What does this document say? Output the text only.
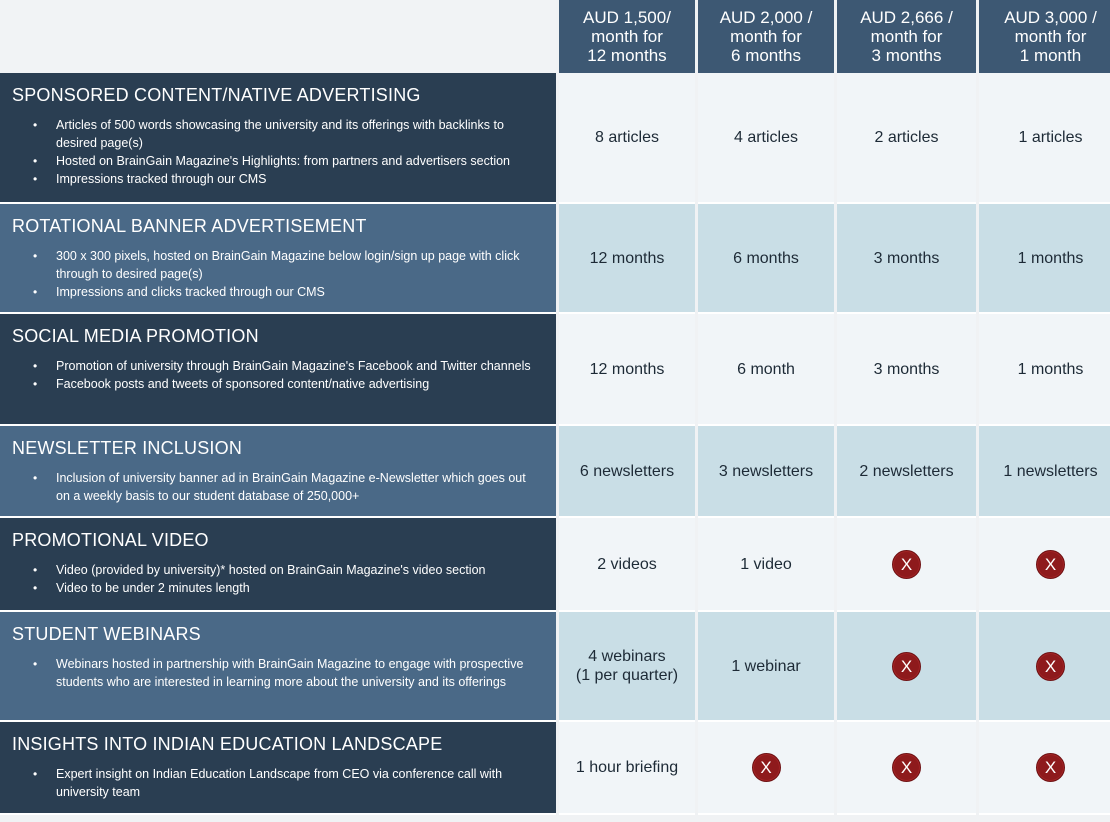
AUD 1,500/
month for
12 months
AUD 2,000 /
month for
6 months
AUD 2,666 /
month for
3 months
AUD 3,000 /
month for
1 month
SPONSORED CONTENT/NATIVE ADVERTISING
• Articles of 500 words showcasing the university and its offerings with backlinks to desired page(s)
• Hosted on BrainGain Magazine's Highlights: from partners and advertisers section
• Impressions tracked through our CMS
8 articles	4 articles	2 articles	1 articles
ROTATIONAL BANNER ADVERTISEMENT
• 300 x 300 pixels, hosted on BrainGain Magazine below login/sign up page with click through to desired page(s)
• Impressions and clicks tracked through our CMS
12 months	6 months	3 months	1 months
SOCIAL MEDIA PROMOTION
• Promotion of university through BrainGain Magazine's Facebook and Twitter channels
• Facebook posts and tweets of sponsored content/native advertising
12 months	6 month	3 months	1 months
NEWSLETTER INCLUSION
• Inclusion of university banner ad in BrainGain Magazine e-Newsletter which goes out on a weekly basis to our student database of 250,000+
6 newsletters	3 newsletters	2 newsletters	1 newsletters
PROMOTIONAL VIDEO
• Video (provided by university)* hosted on BrainGain Magazine's video section
• Video to be under 2 minutes length
2 videos	1 video	X	X
STUDENT WEBINARS
• Webinars hosted in partnership with BrainGain Magazine to engage with prospective students who are interested in learning more about the university and its offerings
4 webinars
(1 per quarter)
1 webinar	X	X
INSIGHTS INTO INDIAN EDUCATION LANDSCAPE
• Expert insight on Indian Education Landscape from CEO via conference call with university team
1 hour briefing	X	X	X
